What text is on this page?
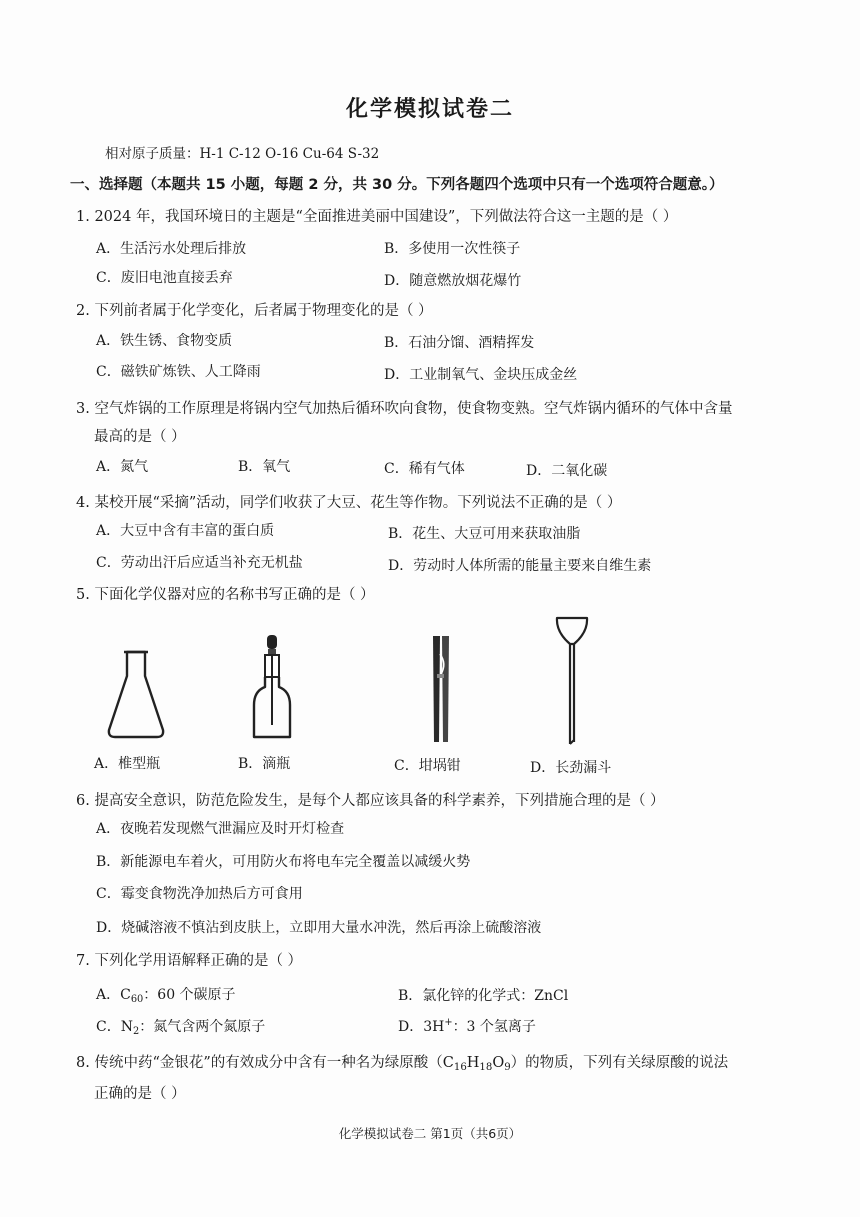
化学模拟试卷二
相对原子质量：H-1 C-12 O-16 Cu-64 S-32
一、选择题（本题共 15 小题，每题 2 分，共 30 分。下列各题四个选项中只有一个选项符合题意。）
1. 2024 年，我国环境日的主题是“全面推进美丽中国建设”，下列做法符合这一主题的是（ ）
A．生活污水处理后排放	B．多使用一次性筷子
C．废旧电池直接丢弃	D．随意燃放烟花爆竹
2. 下列前者属于化学变化，后者属于物理变化的是（ ）
A．铁生锈、食物变质	B．石油分馏、酒精挥发
C．磁铁矿炼铁、人工降雨	D．工业制氧气、金块压成金丝
3. 空气炸锅的工作原理是将锅内空气加热后循环吹向食物，使食物变熟。空气炸锅内循环的气体中含量
最高的是（ ）
A．氮气	B．氧气	C．稀有气体	D．二氧化碳
4. 某校开展“采摘”活动，同学们收获了大豆、花生等作物。下列说法不正确的是（ ）
A．大豆中含有丰富的蛋白质	B．花生、大豆可用来获取油脂
C．劳动出汗后应适当补充无机盐	D．劳动时人体所需的能量主要来自维生素
5. 下面化学仪器对应的名称书写正确的是（ ）
A．椎型瓶	B．滴瓶	C．坩埚钳	D．长劲漏斗
6. 提高安全意识，防范危险发生，是每个人都应该具备的科学素养，下列措施合理的是（ ）
A．夜晚若发现燃气泄漏应及时开灯检查
B．新能源电车着火，可用防火布将电车完全覆盖以减缓火势
C．霉变食物洗净加热后方可食用
D．烧碱溶液不慎沾到皮肤上，立即用大量水冲洗，然后再涂上硫酸溶液
7. 下列化学用语解释正确的是（ ）
A．$C_{60}$：60 个碳原子	B．氯化锌的化学式：ZnCl
C．$N_2$：氮气含两个氮原子	D．3H+：3 个氢离子
8. 传统中药“金银花”的有效成分中含有一种名为绿原酸$(C_{16}H_{18}O_9)$的物质，下列有关绿原酸的说法
正确的是（ ）
化学模拟试卷二 第1页（共6页）
